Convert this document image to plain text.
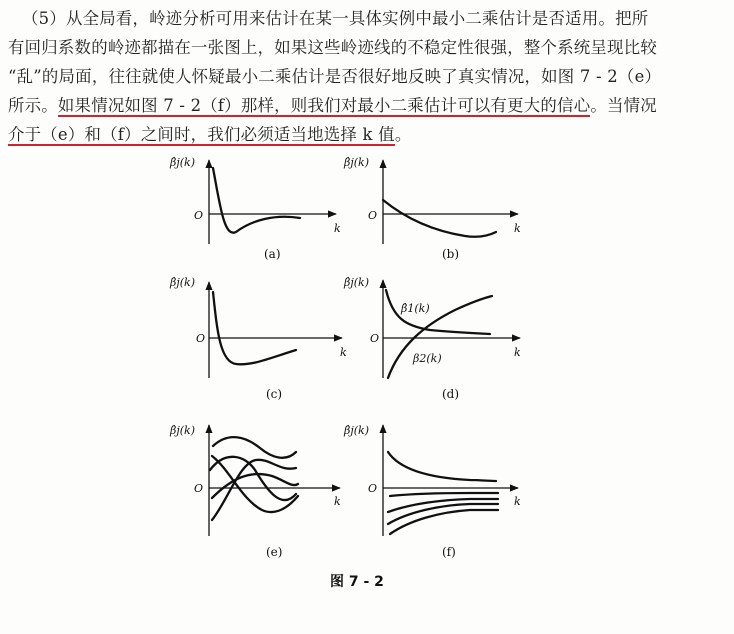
（5）从全局看，岭迹分析可用来估计在某一具体实例中最小二乘估计是否适用。把所
有回归系数的岭迹都描在一张图上，如果这些岭迹线的不稳定性很强，整个系统呈现比较
“乱”的局面，往往就使人怀疑最小二乘估计是否很好地反映了真实情况，如图 7 - 2（e）
所示。如果情况如图 7 - 2（f）那样，则我们对最小二乘估计可以有更大的信心。当情况
介于（e）和（f）之间时，我们必须适当地选择 k 值。
β̂j(k)
O
k
(a)
β̂j(k)
O
k
(b)
β̂j(k)
O
k
(c)
β̂j(k)
O
k
β̂1(k)
β2(k)
(d)
β̂j(k)
O
k
(e)
β̂j(k)
O
k
(f)
图 7 - 2
